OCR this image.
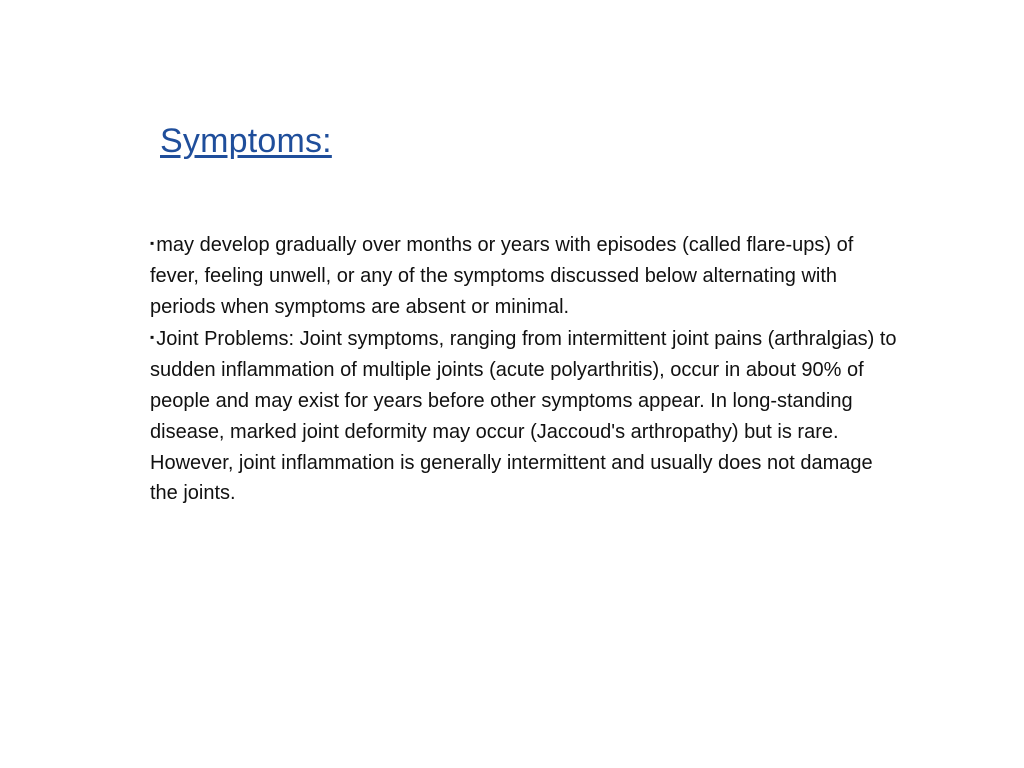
Symptoms:

▪ may develop gradually over months or years with episodes (called flare-ups) of fever, feeling unwell, or any of the symptoms discussed below alternating with periods when symptoms are absent or minimal.

▪ Joint Problems: Joint symptoms, ranging from intermittent joint pains (arthralgias) to sudden inflammation of multiple joints (acute polyarthritis), occur in about 90% of people and may exist for years before other symptoms appear. In long-standing disease, marked joint deformity may occur (Jaccoud's arthropathy) but is rare. However, joint inflammation is generally intermittent and usually does not damage the joints.
